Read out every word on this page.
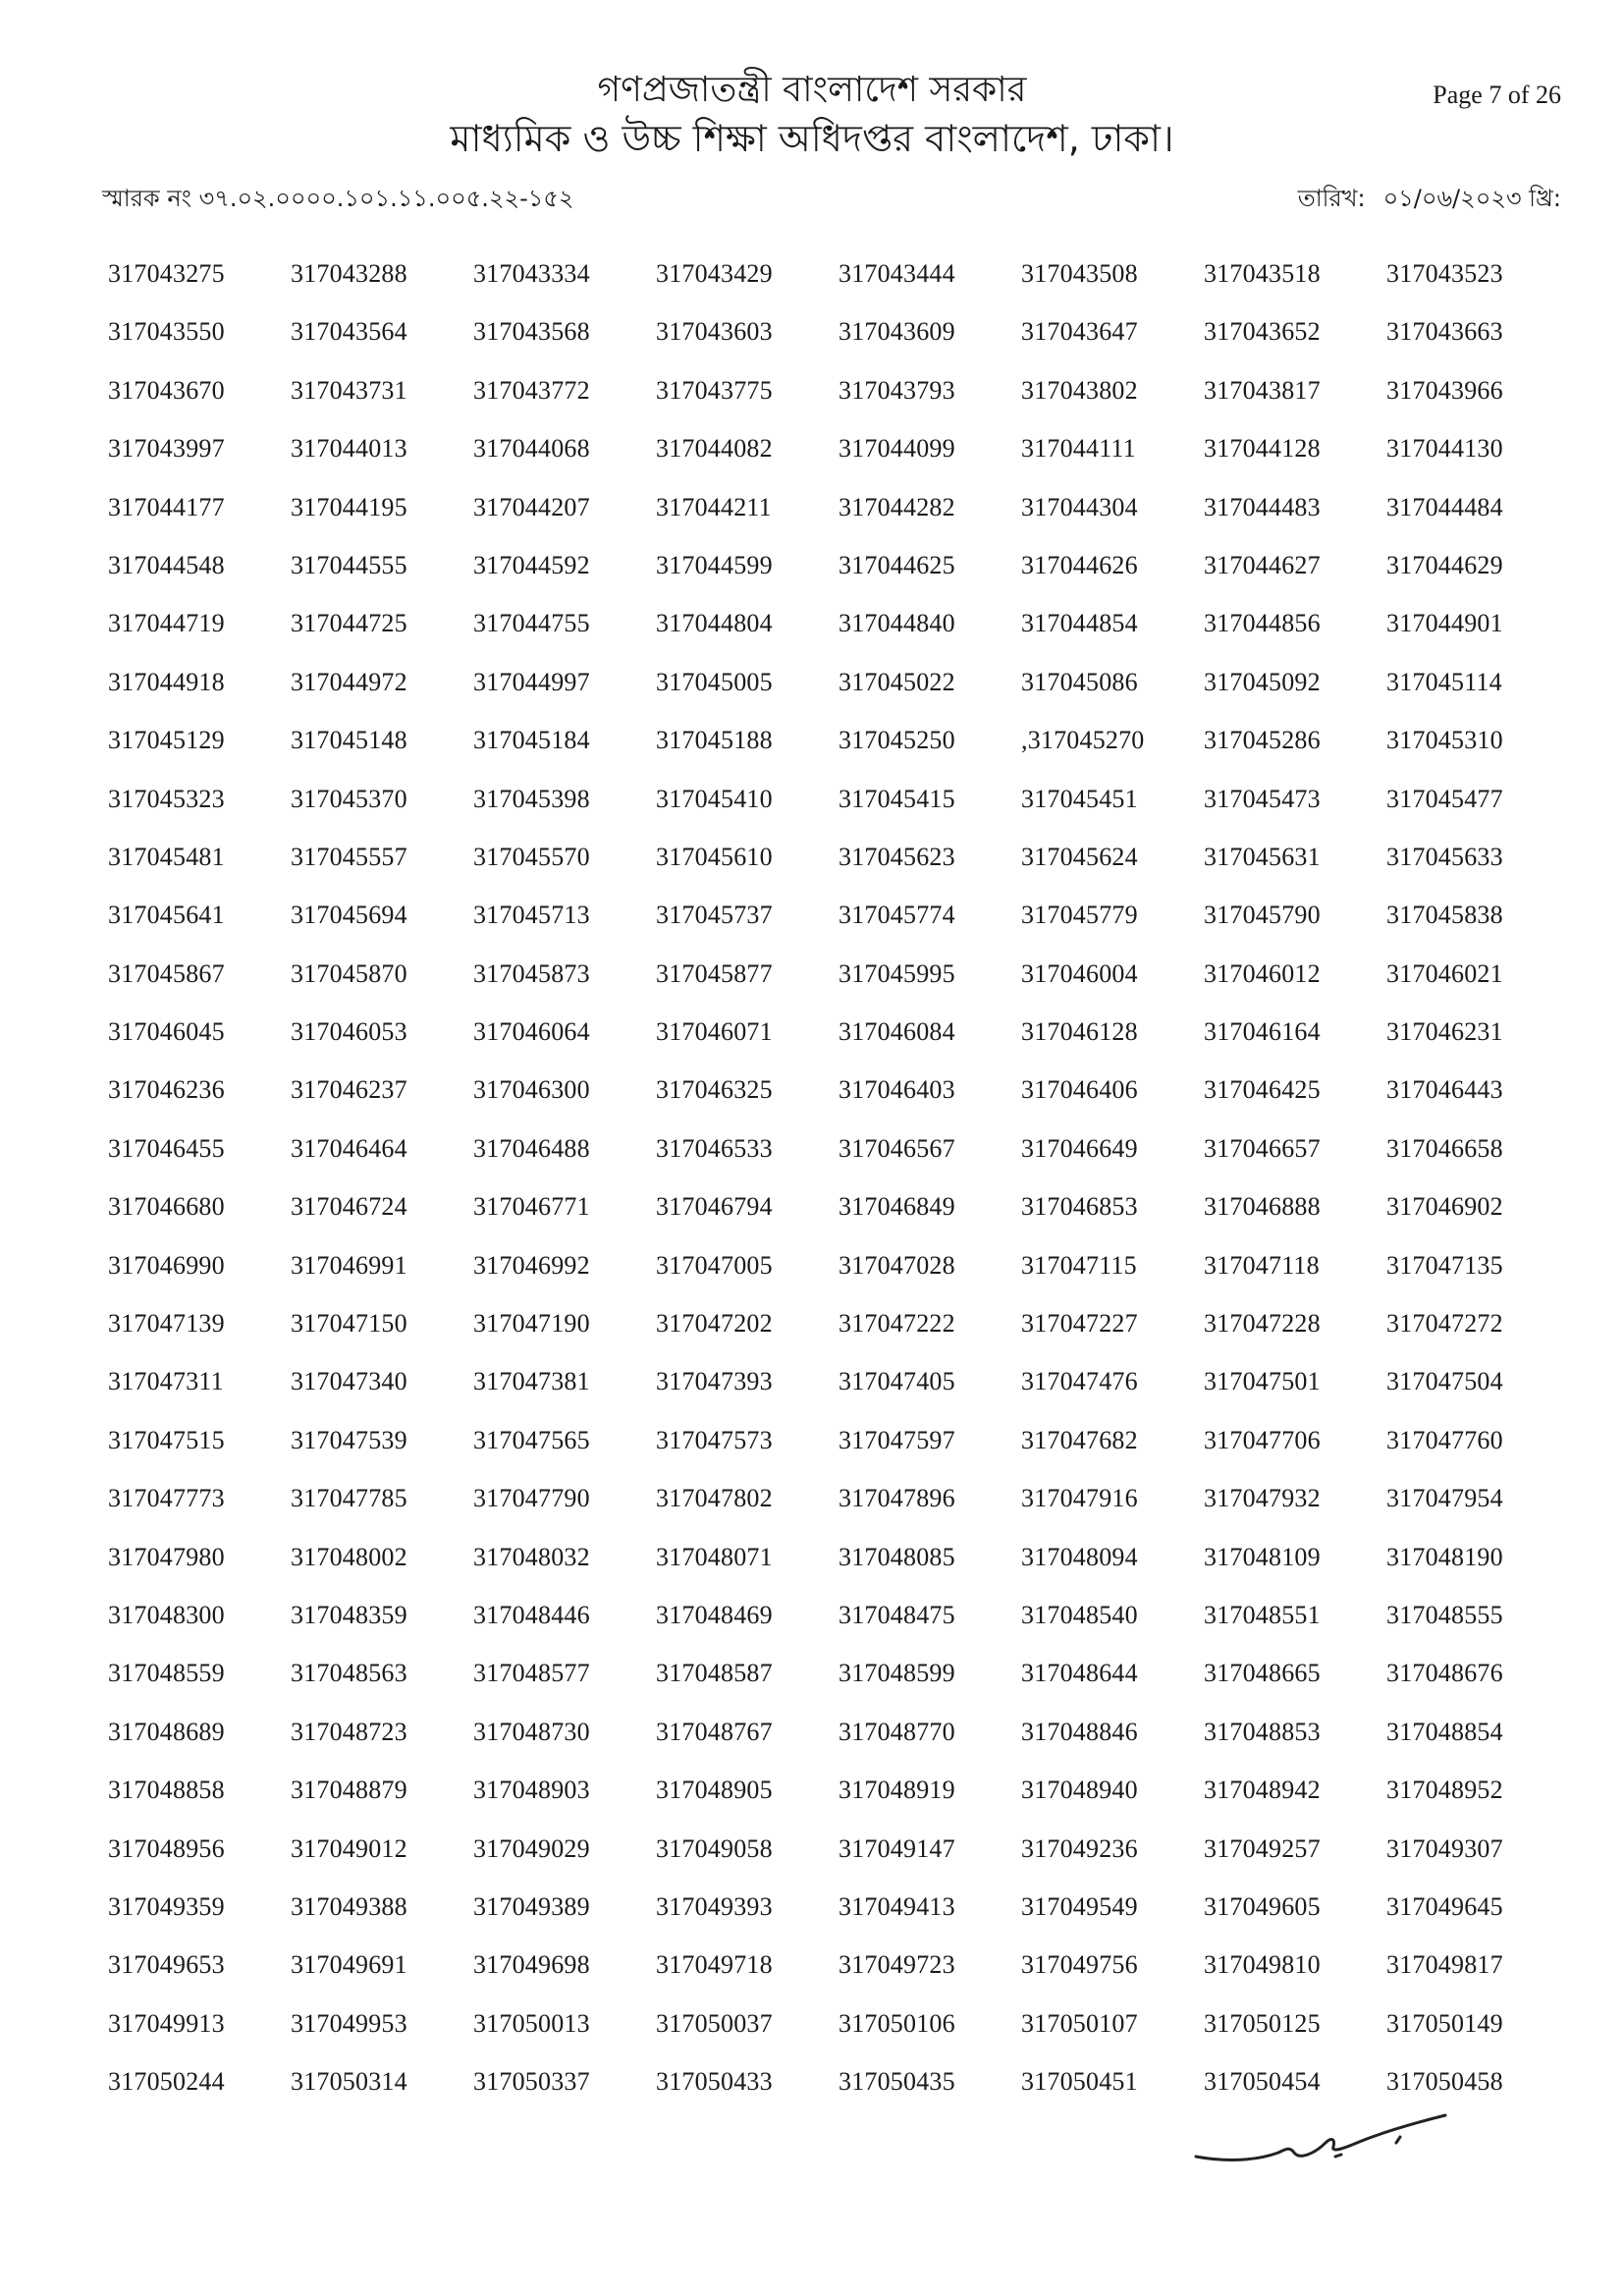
গণপ্রজাতন্ত্রী বাংলাদেশ সরকার
মাধ্যমিক ও উচ্চ শিক্ষা অধিদপ্তর বাংলাদেশ, ঢাকা।
Page 7 of 26
স্মারক নং ৩৭.০২.০০০০.১০১.১১.০০৫.২২-১৫২	তারিখ: ০১/০৬/২০২৩ খ্রি:
317043275	317043288	317043334	317043429	317043444	317043508	317043518	317043523
317043550	317043564	317043568	317043603	317043609	317043647	317043652	317043663
317043670	317043731	317043772	317043775	317043793	317043802	317043817	317043966
317043997	317044013	317044068	317044082	317044099	317044111	317044128	317044130
317044177	317044195	317044207	317044211	317044282	317044304	317044483	317044484
317044548	317044555	317044592	317044599	317044625	317044626	317044627	317044629
317044719	317044725	317044755	317044804	317044840	317044854	317044856	317044901
317044918	317044972	317044997	317045005	317045022	317045086	317045092	317045114
317045129	317045148	317045184	317045188	317045250	,317045270	317045286	317045310
317045323	317045370	317045398	317045410	317045415	317045451	317045473	317045477
317045481	317045557	317045570	317045610	317045623	317045624	317045631	317045633
317045641	317045694	317045713	317045737	317045774	317045779	317045790	317045838
317045867	317045870	317045873	317045877	317045995	317046004	317046012	317046021
317046045	317046053	317046064	317046071	317046084	317046128	317046164	317046231
317046236	317046237	317046300	317046325	317046403	317046406	317046425	317046443
317046455	317046464	317046488	317046533	317046567	317046649	317046657	317046658
317046680	317046724	317046771	317046794	317046849	317046853	317046888	317046902
317046990	317046991	317046992	317047005	317047028	317047115	317047118	317047135
317047139	317047150	317047190	317047202	317047222	317047227	317047228	317047272
317047311	317047340	317047381	317047393	317047405	317047476	317047501	317047504
317047515	317047539	317047565	317047573	317047597	317047682	317047706	317047760
317047773	317047785	317047790	317047802	317047896	317047916	317047932	317047954
317047980	317048002	317048032	317048071	317048085	317048094	317048109	317048190
317048300	317048359	317048446	317048469	317048475	317048540	317048551	317048555
317048559	317048563	317048577	317048587	317048599	317048644	317048665	317048676
317048689	317048723	317048730	317048767	317048770	317048846	317048853	317048854
317048858	317048879	317048903	317048905	317048919	317048940	317048942	317048952
317048956	317049012	317049029	317049058	317049147	317049236	317049257	317049307
317049359	317049388	317049389	317049393	317049413	317049549	317049605	317049645
317049653	317049691	317049698	317049718	317049723	317049756	317049810	317049817
317049913	317049953	317050013	317050037	317050106	317050107	317050125	317050149
317050244	317050314	317050337	317050433	317050435	317050451	317050454	317050458
